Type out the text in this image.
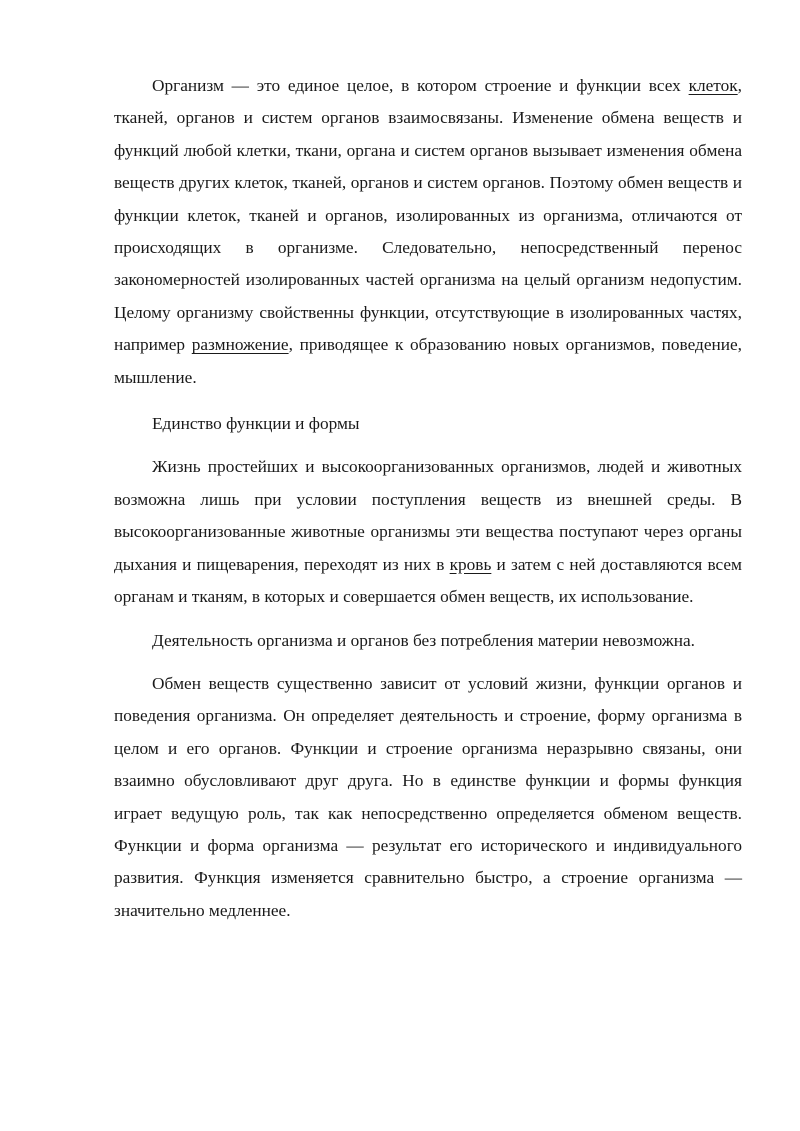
Организм — это единое целое, в котором строение и функции всех клеток, тканей, органов и систем органов взаимосвязаны. Изменение обмена веществ и функций любой клетки, ткани, органа и систем органов вызывает изменения обмена веществ других клеток, тканей, органов и систем органов. Поэтому обмен веществ и функции клеток, тканей и органов, изолированных из организма, отличаются от происходящих в организме. Следовательно, непосредственный перенос закономерностей изолированных частей организма на целый организм недопустим. Целому организму свойственны функции, отсутствующие в изолированных частях, например размножение, приводящее к образованию новых организмов, поведение, мышление.

Единство функции и формы

Жизнь простейших и высокоорганизованных организмов, людей и животных возможна лишь при условии поступления веществ из внешней среды. В высокоорганизованные животные организмы эти вещества поступают через органы дыхания и пищеварения, переходят из них в кровь и затем с ней доставляются всем органам и тканям, в которых и совершается обмен веществ, их использование.

Деятельность организма и органов без потребления материи невозможна.

Обмен веществ существенно зависит от условий жизни, функции органов и поведения организма. Он определяет деятельность и строение, форму организма в целом и его органов. Функции и строение организма неразрывно связаны, они взаимно обусловливают друг друга. Но в единстве функции и формы функция играет ведущую роль, так как непосредственно определяется обменом веществ. Функции и форма организма — результат его исторического и индивидуального развития. Функция изменяется сравнительно быстро, а строение организма — значительно медленнее.
